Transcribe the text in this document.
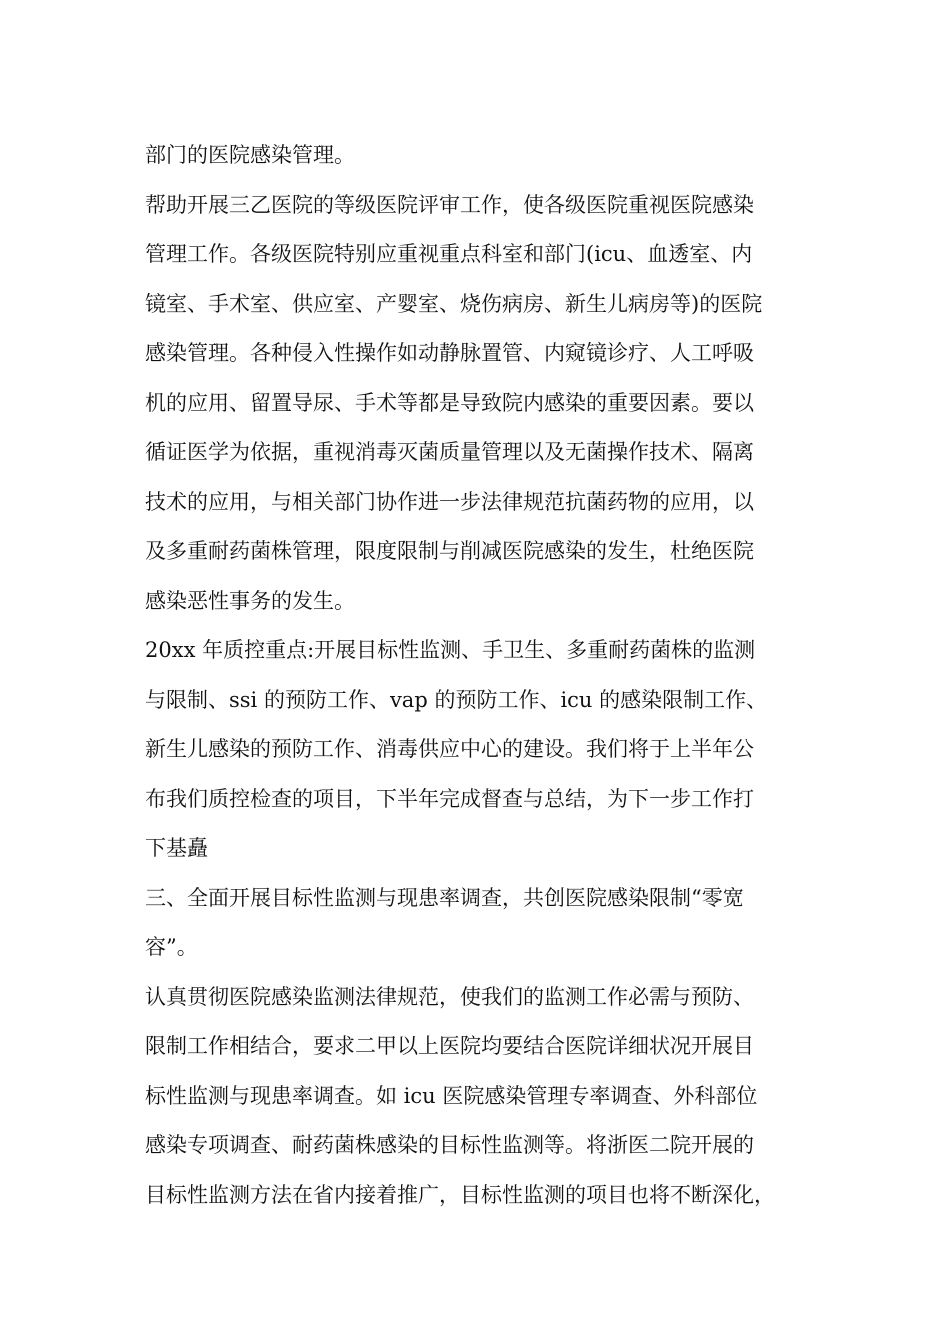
部门的医院感染管理。
帮助开展三乙医院的等级医院评审工作，使各级医院重视医院感染
管理工作。各级医院特别应重视重点科室和部门(icu、血透室、内
镜室、手术室、供应室、产婴室、烧伤病房、新生儿病房等)的医院
感染管理。各种侵入性操作如动静脉置管、内窥镜诊疗、人工呼吸
机的应用、留置导尿、手术等都是导致院内感染的重要因素。要以
循证医学为依据，重视消毒灭菌质量管理以及无菌操作技术、隔离
技术的应用，与相关部门协作进一步法律规范抗菌药物的应用，以
及多重耐药菌株管理，限度限制与削减医院感染的发生，杜绝医院
感染恶性事务的发生。
20xx 年质控重点:开展目标性监测、手卫生、多重耐药菌株的监测
与限制、ssi 的预防工作、vap 的预防工作、icu 的感染限制工作、
新生儿感染的预防工作、消毒供应中心的建设。我们将于上半年公
布我们质控检查的项目，下半年完成督查与总结，为下一步工作打
下基矗
三、全面开展目标性监测与现患率调查，共创医院感染限制“零宽
容”。
认真贯彻医院感染监测法律规范，使我们的监测工作必需与预防、
限制工作相结合，要求二甲以上医院均要结合医院详细状况开展目
标性监测与现患率调查。如 icu 医院感染管理专率调查、外科部位
感染专项调查、耐药菌株感染的目标性监测等。将浙医二院开展的
目标性监测方法在省内接着推广，目标性监测的项目也将不断深化，
